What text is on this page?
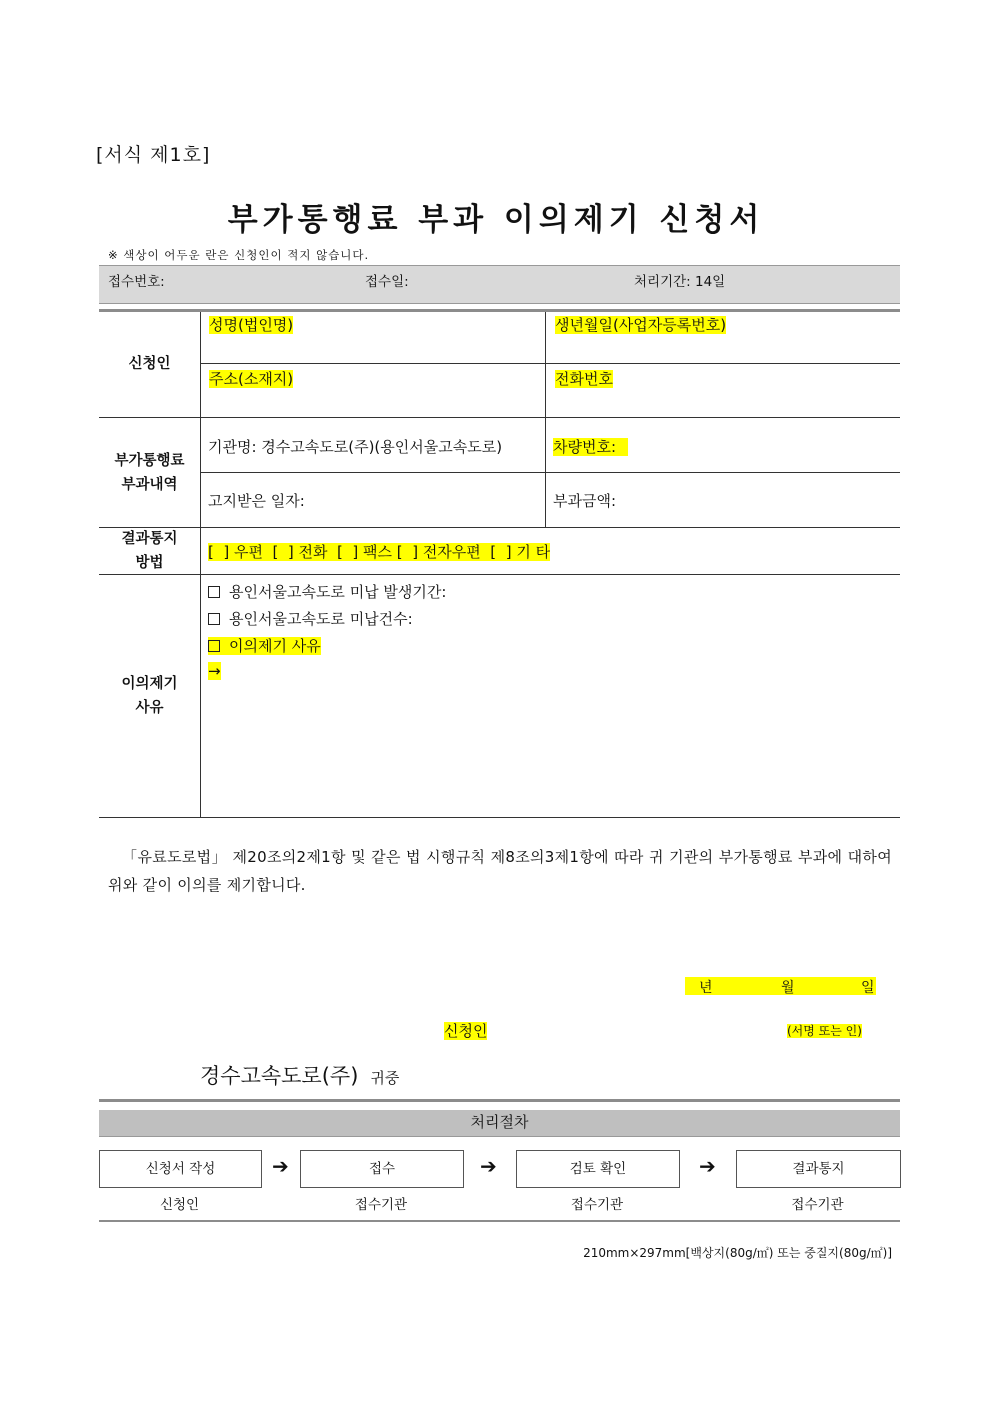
[서식 제1호]
부가통행료 부과 이의제기 신청서
※ 색상이 어두운 란은 신청인이 적지 않습니다.
접수번호:	접수일:	처리기간: 14일
신청인
성명(법인명)	생년월일(사업자등록번호)
주소(소재지)	전화번호
부가통행료
부과내역
기관명: 경수고속도로(주)(용인서울고속도로)	차량번호:
고지받은 일자:	부과금액:
결과통지
방법
[  ] 우편  [  ] 전화  [  ] 팩스 [  ] 전자우편  [  ] 기 타
이의제기
사유
용인서울고속도로 미납 발생기간:
용인서울고속도로 미납건수:
이의제기 사유
→
「유료도로법」 제20조의2제1항 및 같은 법 시행규칙 제8조의3제1항에 따라 귀 기관의 부가통행료 부과에 대하여 위와 같이 이의를 제기합니다.
년	월	일
신청인	(서명 또는 인)
경수고속도로(주) 귀중
처리절차
신청서 작성	➔	접수	➔	검토 확인	➔	결과통지
신청인	접수기관	접수기관	접수기관
210mm×297mm[백상지(80g/㎡) 또는 중질지(80g/㎡)]
